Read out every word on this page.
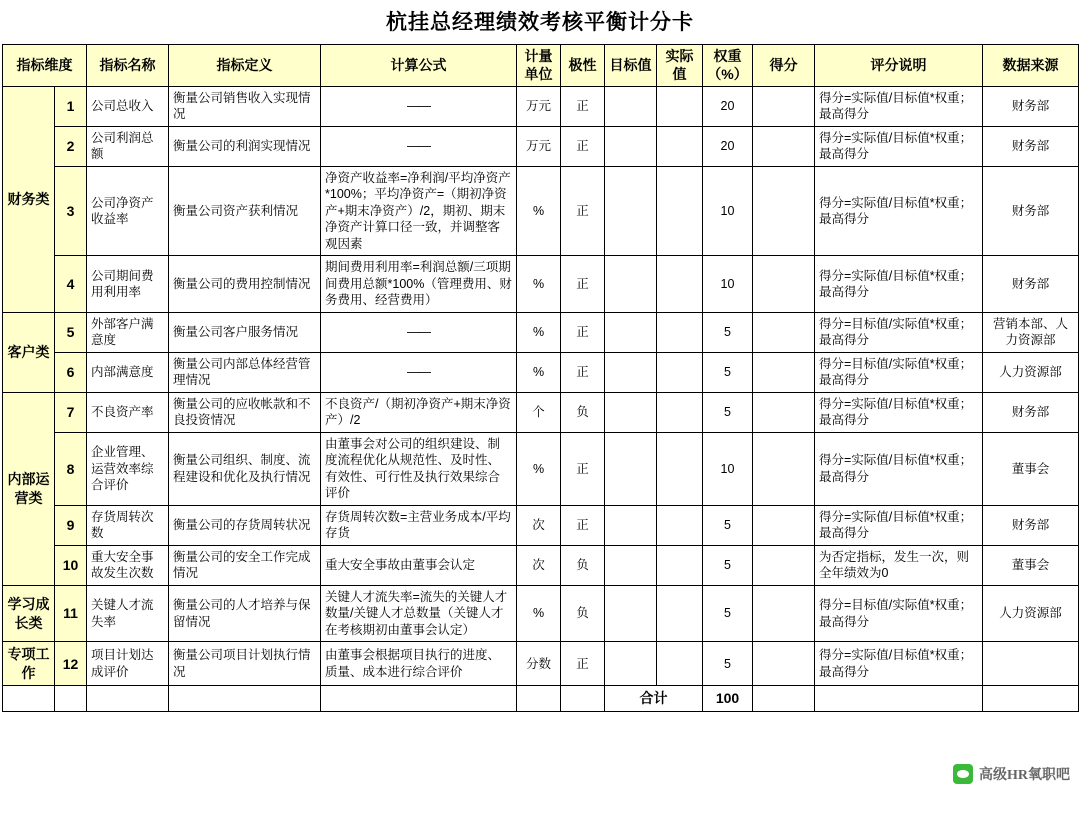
杭挂总经理绩效考核平衡计分卡
指标维度		指标名称	指标定义	计算公式	计量单位	极性	目标值	实际值	权重（%）	得分	评分说明	数据来源
财务类	1	公司总收入	衡量公司销售收入实现情况	——	万元	正			20		得分=实际值/目标值*权重；最高得分	财务部
	2	公司利润总额	衡量公司的利润实现情况	——	万元	正			20		得分=实际值/目标值*权重；最高得分	财务部
	3	公司净资产收益率	衡量公司资产获利情况	净资产收益率=净利润/平均净资产*100%；平均净资产=（期初净资产+期末净资产）/2，期初、期末净资产计算口径一致，并调整客观因素	%	正			10		得分=实际值/目标值*权重；最高得分	财务部
	4	公司期间费用利用率	衡量公司的费用控制情况	期间费用利用率=利润总额/三项期间费用总额*100%（管理费用、财务费用、经营费用）	%	正			10		得分=实际值/目标值*权重；最高得分	财务部
客户类	5	外部客户满意度	衡量公司客户服务情况	——	%	正			5		得分=目标值/实际值*权重；最高得分	营销本部、人力资源部
	6	内部满意度	衡量公司内部总体经营管理情况	——	%	正			5		得分=目标值/实际值*权重；最高得分	人力资源部
内部运营类	7	不良资产率	衡量公司的应收帐款和不良投资情况	不良资产/（期初净资产+期末净资产）/2	个	负			5		得分=实际值/目标值*权重；最高得分	财务部
	8	企业管理、运营效率综合评价	衡量公司组织、制度、流程建设和优化及执行情况	由董事会对公司的组织建设、制度流程优化从规范性、及时性、有效性、可行性及执行效果综合评价	%	正			10		得分=实际值/目标值*权重；最高得分	董事会
	9	存货周转次数	衡量公司的存货周转状况	存货周转次数=主营业务成本/平均存货	次	正			5		得分=实际值/目标值*权重；最高得分	财务部
	10	重大安全事故发生次数	衡量公司的安全工作完成情况	重大安全事故由董事会认定	次	负			5		为否定指标，发生一次，则全年绩效为0	董事会
学习成长类	11	关键人才流失率	衡量公司的人才培养与保留情况	关键人才流失率=流失的关键人才数量/关键人才总数量（关键人才在考核期初由董事会认定）	%	负			5		得分=目标值/实际值*权重；最高得分	人力资源部
专项工作	12	项目计划达成评价	衡量公司项目计划执行情况	由董事会根据项目执行的进度、质量、成本进行综合评价	分数	正			5		得分=实际值/目标值*权重；最高得分	
							合计		100			
高级HR氧职吧
